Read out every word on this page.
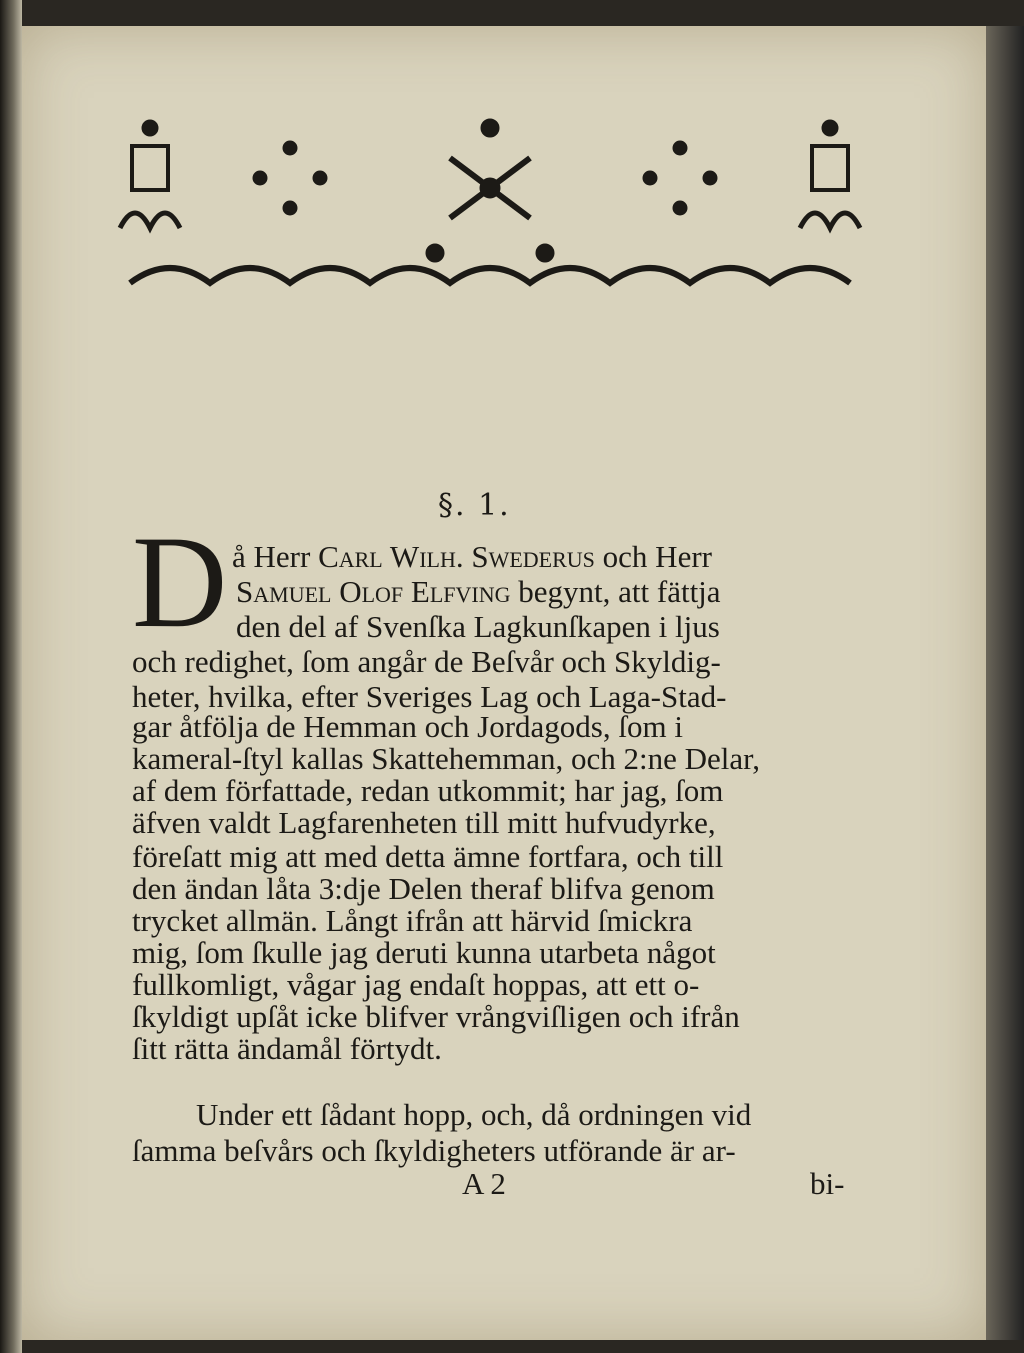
§. 1.
D å Herr Carl Wilh. Swederus och Herr
Samuel Olof Elfving begynt, att fättja
den del af Svenſka Lagkunſkapen i ljus
och redighet, ſom angår de Beſvår och Skyldig-
heter, hvilka, efter Sveriges Lag och Laga-Stad-
gar åtfölja de Hemman och Jordagods, ſom i
kameral-ſtyl kallas Skattehemman, och 2:ne Delar,
af dem författade, redan utkommit; har jag, ſom
äfven valdt Lagfarenheten till mitt hufvudyrke,
föreſatt mig att med detta ämne fortfara, och till
den ändan låta 3:dje Delen theraf blifva genom
trycket allmän. Långt ifrån att härvid ſmickra
mig, ſom ſkulle jag deruti kunna utarbeta något
fullkomligt, vågar jag endaſt hoppas, att ett o-
ſkyldigt upſåt icke blifver vrångviſligen och ifrån
ſitt rätta ändamål förtydt.
Under ett ſådant hopp, och, då ordningen vid
ſamma beſvårs och ſkyldigheters utförande är ar-
A 2	bi-
